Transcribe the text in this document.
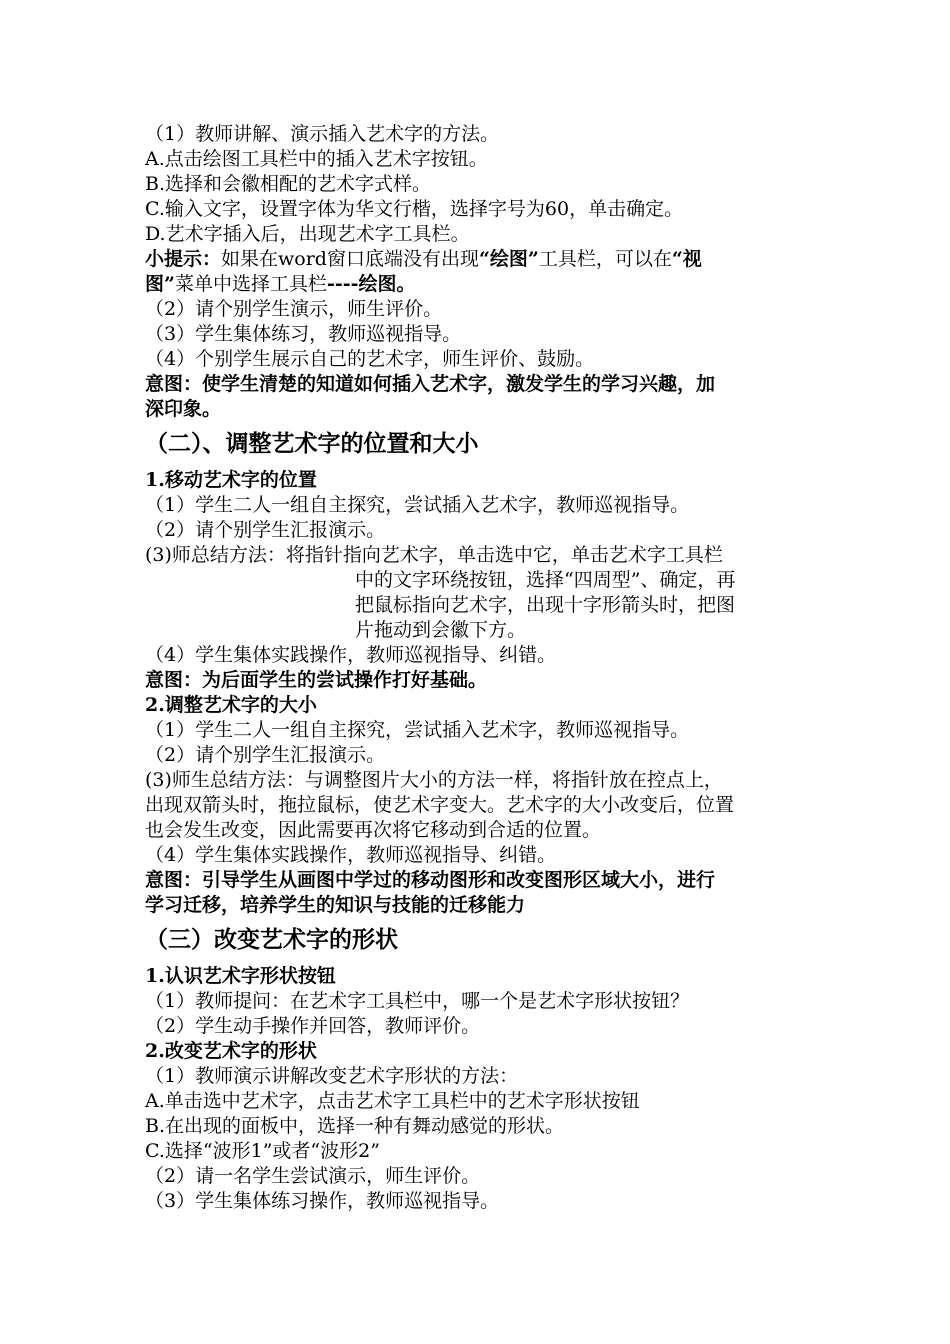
（1）教师讲解、演示插入艺术字的方法。

A.点击绘图工具栏中的插入艺术字按钮。

B.选择和会徽相配的艺术字式样。

C.输入文字，设置字体为华文行楷，选择字号为60，单击确定。

D.艺术字插入后，出现艺术字工具栏。

小提示：如果在word窗口底端没有出现“绘图”工具栏，可以在“视

图”菜单中选择工具栏----绘图。

（2）请个别学生演示，师生评价。

（3）学生集体练习，教师巡视指导。

（4）个别学生展示自己的艺术字，师生评价、鼓励。

意图：使学生清楚的知道如何插入艺术字，激发学生的学习兴趣，加

深印象。

（二）、调整艺术字的位置和大小

1.移动艺术字的位置

（1）学生二人一组自主探究，尝试插入艺术字，教师巡视指导。

（2）请个别学生汇报演示。

(3)师总结方法：将指针指向艺术字，单击选中它，单击艺术字工具栏

中的文字环绕按钮，选择“四周型”、确定，再

把鼠标指向艺术字，出现十字形箭头时，把图

片拖动到会徽下方。

（4）学生集体实践操作，教师巡视指导、纠错。

意图：为后面学生的尝试操作打好基础。

2.调整艺术字的大小

（1）学生二人一组自主探究，尝试插入艺术字，教师巡视指导。

（2）请个别学生汇报演示。

(3)师生总结方法：与调整图片大小的方法一样，将指针放在控点上，

出现双箭头时，拖拉鼠标，使艺术字变大。艺术字的大小改变后，位置

也会发生改变，因此需要再次将它移动到合适的位置。

（4）学生集体实践操作，教师巡视指导、纠错。

意图：引导学生从画图中学过的移动图形和改变图形区域大小，进行

学习迁移，培养学生的知识与技能的迁移能力

（三）改变艺术字的形状

1.认识艺术字形状按钮

（1）教师提问：在艺术字工具栏中，哪一个是艺术字形状按钮？

（2）学生动手操作并回答，教师评价。

2.改变艺术字的形状

（1）教师演示讲解改变艺术字形状的方法：

A.单击选中艺术字，点击艺术字工具栏中的艺术字形状按钮

B.在出现的面板中，选择一种有舞动感觉的形状。

C.选择“波形1”或者“波形2”

（2）请一名学生尝试演示，师生评价。

（3）学生集体练习操作，教师巡视指导。
